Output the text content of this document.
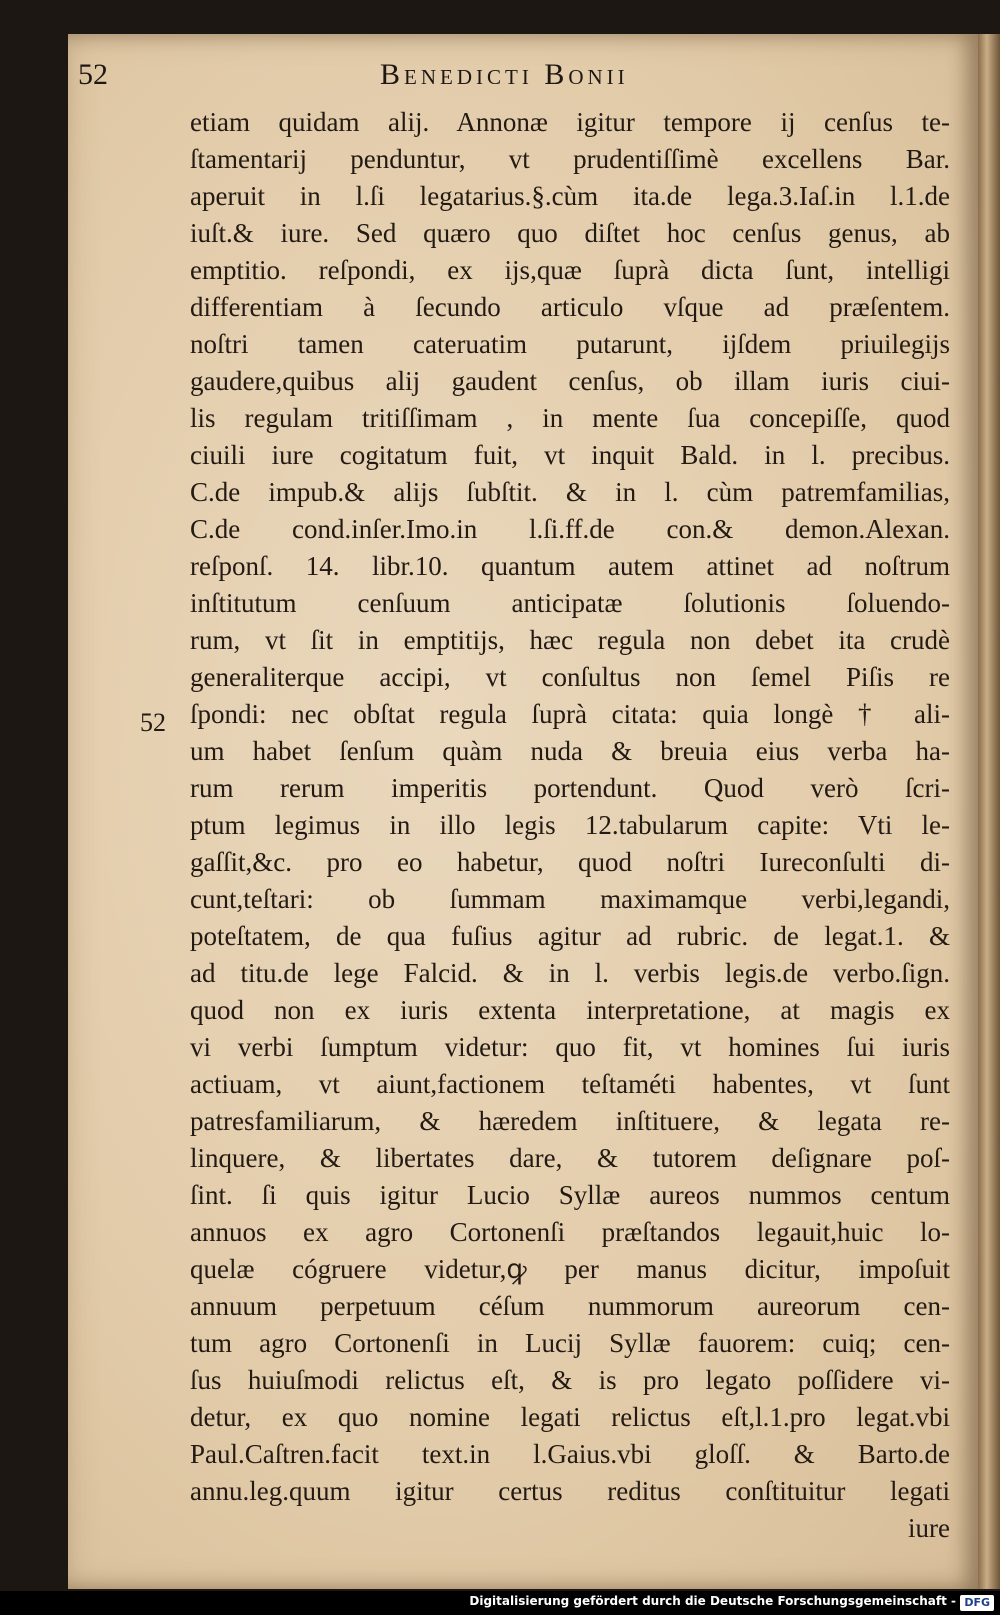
52	Benedicti Bonii
52
etiam quidam alij. Annonæ igitur tempore ij cenſus te-
ſtamentarij penduntur, vt prudentiſſimè excellens Bar.
aperuit in l.ſi legatarius.§.cùm ita.de lega.3.Iaſ.in l.1.de
iuſt.& iure. Sed quæro quo diſtet hoc cenſus genus, ab
emptitio. reſpondi, ex ijs,quæ ſuprà dicta ſunt, intelligi
differentiam à ſecundo articulo vſque ad præſentem.
noſtri tamen cateruatim putarunt, ijſdem priuilegijs
gaudere,quibus alij gaudent cenſus, ob illam iuris ciui-
lis regulam tritiſſimam , in mente ſua concepiſſe, quod
ciuili iure cogitatum fuit, vt inquit Bald. in l. precibus.
C.de impub.& alijs ſubſtit. & in l. cùm patremfamilias,
C.de cond.inſer.Imo.in l.ſi.ff.de con.& demon.Alexan.
reſponſ. 14. libr.10. quantum autem attinet ad noſtrum
inſtitutum cenſuum anticipatæ ſolutionis ſoluendo-
rum, vt ſit in emptitijs, hæc regula non debet ita crudè
generaliterque accipi, vt conſultus non ſemel Piſis re
ſpondi: nec obſtat regula ſuprà citata: quia longè † ali-
um habet ſenſum quàm nuda & breuia eius verba ha-
rum rerum imperitis portendunt. Quod verò ſcri-
ptum legimus in illo legis 12.tabularum capite: Vti le-
gaſſit,&c. pro eo habetur, quod noſtri Iureconſulti di-
cunt,teſtari: ob ſummam maximamque verbi,legandi,
poteſtatem, de qua fuſius agitur ad rubric. de legat.1. &
ad titu.de lege Falcid. & in l. verbis legis.de verbo.ſign.
quod non ex iuris extenta interpretatione, at magis ex
vi verbi ſumptum videtur: quo fit, vt homines ſui iuris
actiuam, vt aiunt,factionem teſtaméti habentes, vt ſunt
patresfamiliarum, & hæredem inſtituere, & legata re-
linquere, & libertates dare, & tutorem deſignare poſ-
ſint. ſi quis igitur Lucio Syllæ aureos nummos centum
annuos ex agro Cortonenſi præſtandos legauit,huic lo-
quelæ cógruere videtur,ꝙ per manus dicitur, impoſuit
annuum perpetuum céſum nummorum aureorum cen-
tum agro Cortonenſi in Lucij Syllæ fauorem: cuiq; cen-
ſus huiuſmodi relictus eſt, & is pro legato poſſidere vi-
detur, ex quo nomine legati relictus eſt,l.1.pro legat.vbi
Paul.Caſtren.facit text.in l.Gaius.vbi gloſſ. & Barto.de
annu.leg.quum igitur certus reditus conſtituitur legati
iure
Digitalisierung gefördert durch die Deutsche Forschungsgemeinschaft - DFG
